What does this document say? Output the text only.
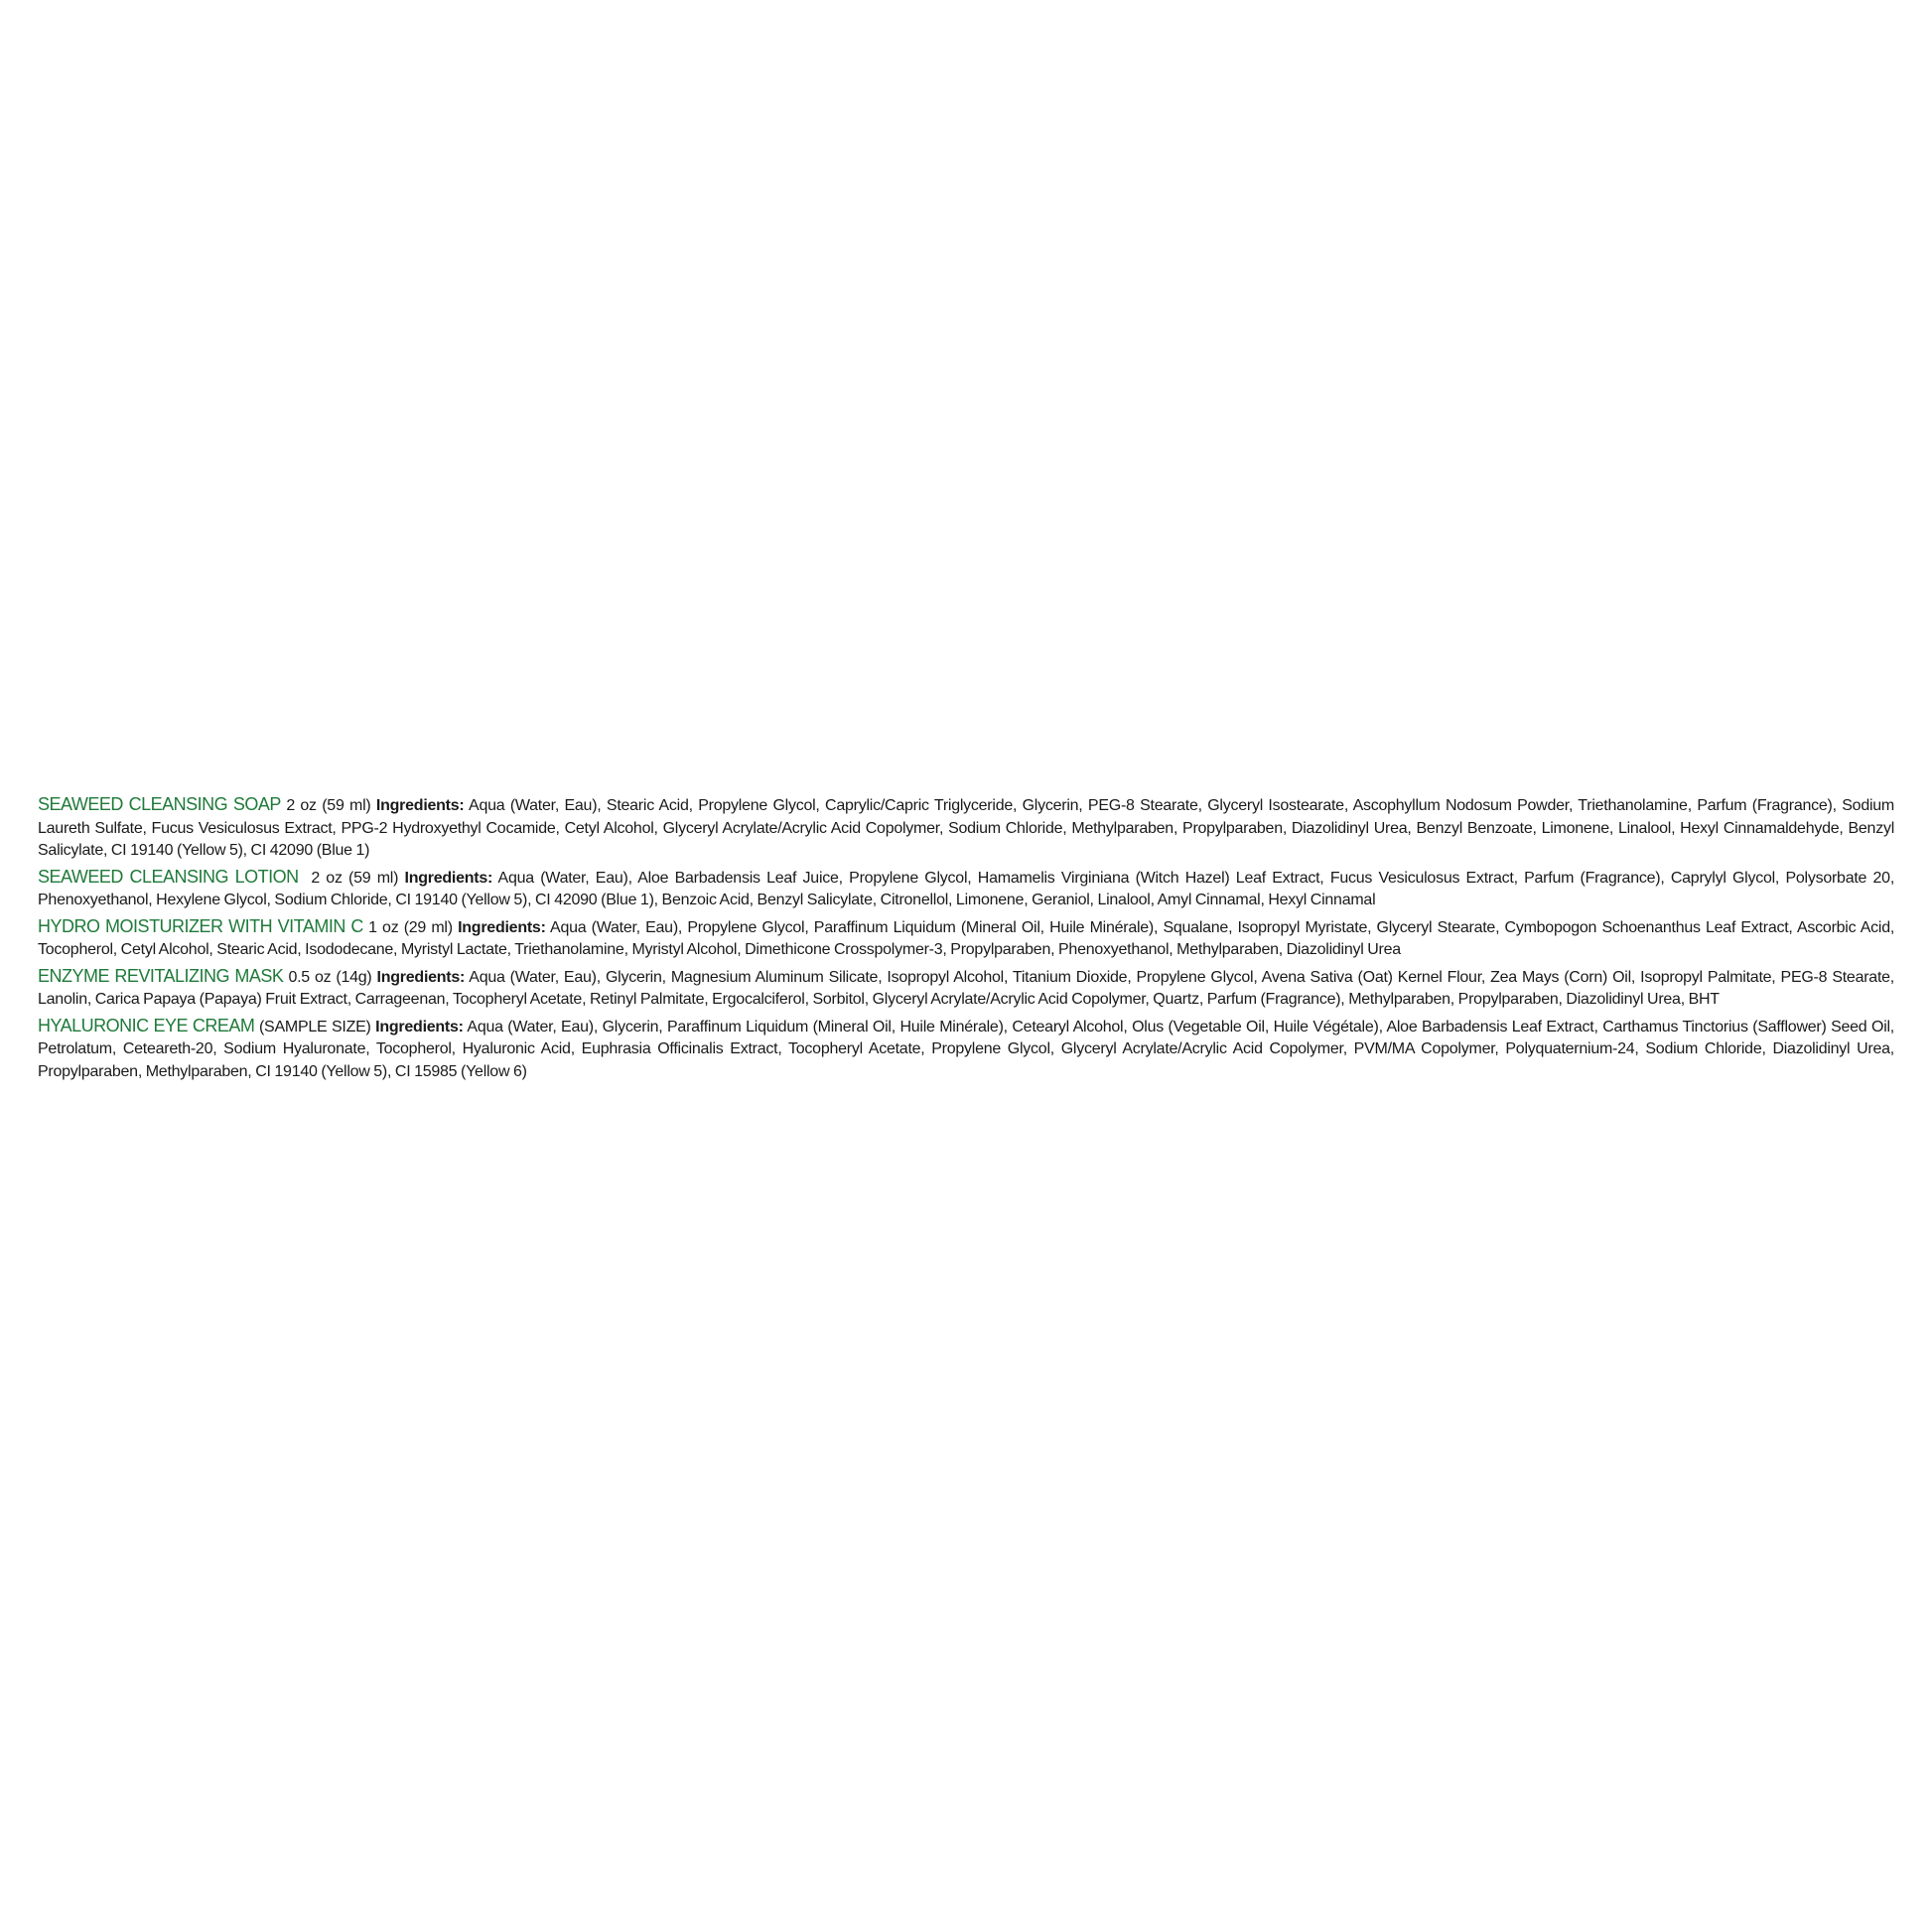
SEAWEED CLEANSING SOAP 2 oz (59 ml) Ingredients: Aqua (Water, Eau), Stearic Acid, Propylene Glycol, Caprylic/Capric Triglyceride, Glycerin, PEG-8 Stearate, Glyceryl Isostearate, Ascophyllum Nodosum Powder, Triethanolamine, Parfum (Fragrance), Sodium Laureth Sulfate, Fucus Vesiculosus Extract, PPG-2 Hydroxyethyl Cocamide, Cetyl Alcohol, Glyceryl Acrylate/Acrylic Acid Copolymer, Sodium Chloride, Methylparaben, Propylparaben, Diazolidinyl Urea, Benzyl Benzoate, Limonene, Linalool, Hexyl Cinnamaldehyde, Benzyl Salicylate, CI 19140 (Yellow 5), CI 42090 (Blue 1)

SEAWEED CLEANSING LOTION 2 oz (59 ml) Ingredients: Aqua (Water, Eau), Aloe Barbadensis Leaf Juice, Propylene Glycol, Hamamelis Virginiana (Witch Hazel) Leaf Extract, Fucus Vesiculosus Extract, Parfum (Fragrance), Caprylyl Glycol, Polysorbate 20, Phenoxyethanol, Hexylene Glycol, Sodium Chloride, CI 19140 (Yellow 5), CI 42090 (Blue 1), Benzoic Acid, Benzyl Salicylate, Citronellol, Limonene, Geraniol, Linalool, Amyl Cinnamal, Hexyl Cinnamal

HYDRO MOISTURIZER WITH VITAMIN C 1 oz (29 ml) Ingredients: Aqua (Water, Eau), Propylene Glycol, Paraffinum Liquidum (Mineral Oil, Huile Minérale), Squalane, Isopropyl Myristate, Glyceryl Stearate, Cymbopogon Schoenanthus Leaf Extract, Ascorbic Acid, Tocopherol, Cetyl Alcohol, Stearic Acid, Isododecane, Myristyl Lactate, Triethanolamine, Myristyl Alcohol, Dimethicone Crosspolymer-3, Propylparaben, Phenoxyethanol, Methylparaben, Diazolidinyl Urea

ENZYME REVITALIZING MASK 0.5 oz (14g) Ingredients: Aqua (Water, Eau), Glycerin, Magnesium Aluminum Silicate, Isopropyl Alcohol, Titanium Dioxide, Propylene Glycol, Avena Sativa (Oat) Kernel Flour, Zea Mays (Corn) Oil, Isopropyl Palmitate, PEG-8 Stearate, Lanolin, Carica Papaya (Papaya) Fruit Extract, Carrageenan, Tocopheryl Acetate, Retinyl Palmitate, Ergocalciferol, Sorbitol, Glyceryl Acrylate/Acrylic Acid Copolymer, Quartz, Parfum (Fragrance), Methylparaben, Propylparaben, Diazolidinyl Urea, BHT

HYALURONIC EYE CREAM (SAMPLE SIZE) Ingredients: Aqua (Water, Eau), Glycerin, Paraffinum Liquidum (Mineral Oil, Huile Minérale), Cetearyl Alcohol, Olus (Vegetable Oil, Huile Végétale), Aloe Barbadensis Leaf Extract, Carthamus Tinctorius (Safflower) Seed Oil, Petrolatum, Ceteareth-20, Sodium Hyaluronate, Tocopherol, Hyaluronic Acid, Euphrasia Officinalis Extract, Tocopheryl Acetate, Propylene Glycol, Glyceryl Acrylate/Acrylic Acid Copolymer, PVM/MA Copolymer, Polyquaternium-24, Sodium Chloride, Diazolidinyl Urea, Propylparaben, Methylparaben, CI 19140 (Yellow 5), CI 15985 (Yellow 6)
